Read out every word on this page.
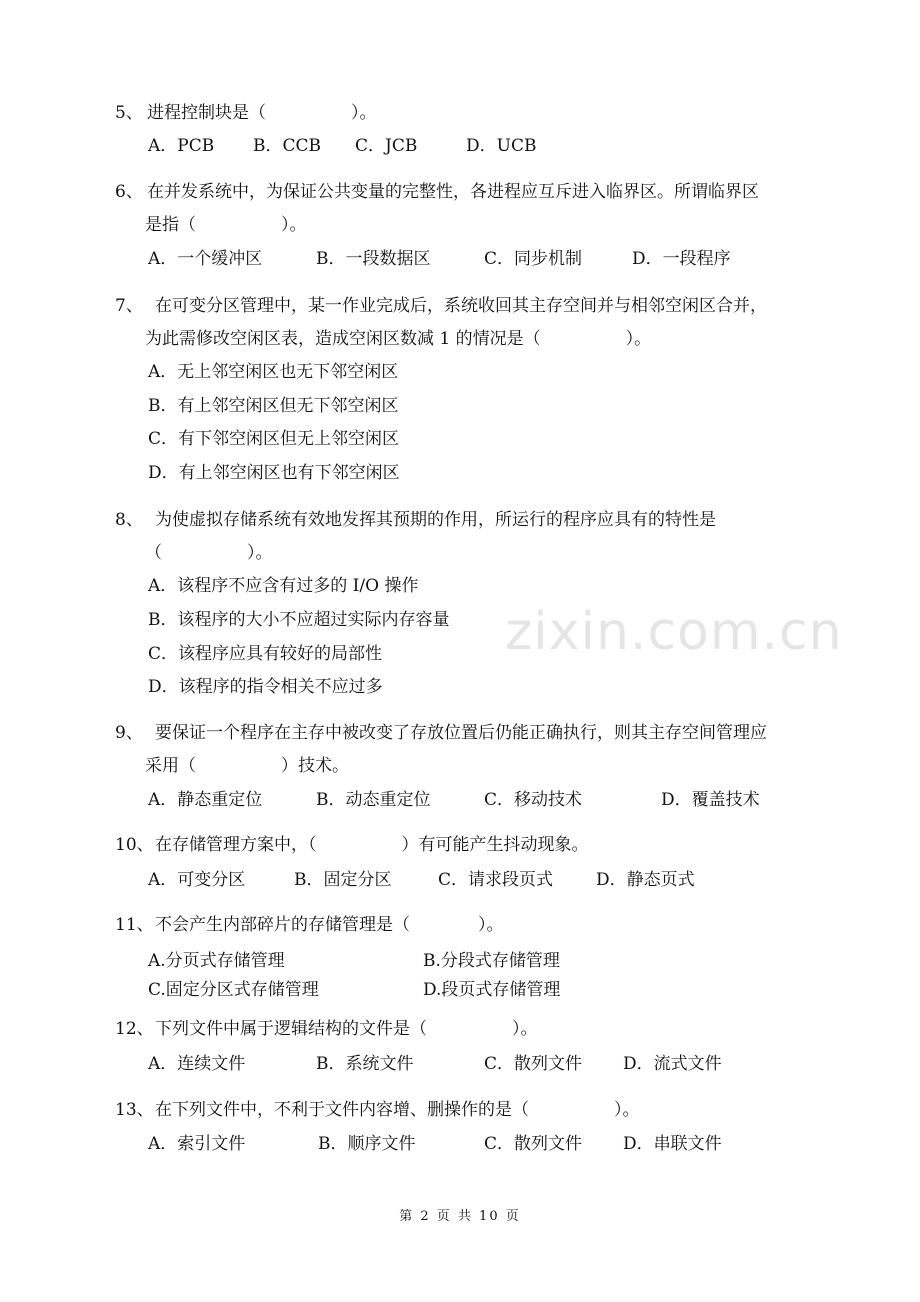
zixin.com.cn
5、 进程控制块是（　　　　　）。
A．PCB B．CCB C．JCB	D．UCB
6、 在并发系统中，为保证公共变量的完整性，各进程应互斥进入临界区。所谓临界区
是指（　　　　　）。
A．一个缓冲区	B．一段数据区	C．同步机制	D．一段程序
7、 在可变分区管理中，某一作业完成后，系统收回其主存空间并与相邻空闲区合并，
为此需修改空闲区表，造成空闲区数减 1 的情况是（　　　　　）。
A．无上邻空闲区也无下邻空闲区
B．有上邻空闲区但无下邻空闲区
C．有下邻空闲区但无上邻空闲区
D．有上邻空闲区也有下邻空闲区
8、 为使虚拟存储系统有效地发挥其预期的作用，所运行的程序应具有的特性是
（　　　　　）。
A．该程序不应含有过多的 I/O 操作
B．该程序的大小不应超过实际内存容量
C．该程序应具有较好的局部性
D．该程序的指令相关不应过多
9、 要保证一个程序在主存中被改变了存放位置后仍能正确执行，则其主存空间管理应
采用（　　　　　）技术。
A．静态重定位	B．动态重定位	C．移动技术	D．覆盖技术
10、 在存储管理方案中，（　　　　　）有可能产生抖动现象。
A．可变分区	B．固定分区	C．请求段页式	D．静态页式
11、 不会产生内部碎片的存储管理是（　　　　）。
A.分页式存储管理	B.分段式存储管理
C.固定分区式存储管理	D.段页式存储管理
12、 下列文件中属于逻辑结构的文件是（　　　　　）。
A．连续文件	B．系统文件	C．散列文件 D．流式文件
13、 在下列文件中，不利于文件内容增、删操作的是（　　　　　）。
A．索引文件	B．顺序文件	C．散列文件 D．串联文件
第 2 页 共 10 页
